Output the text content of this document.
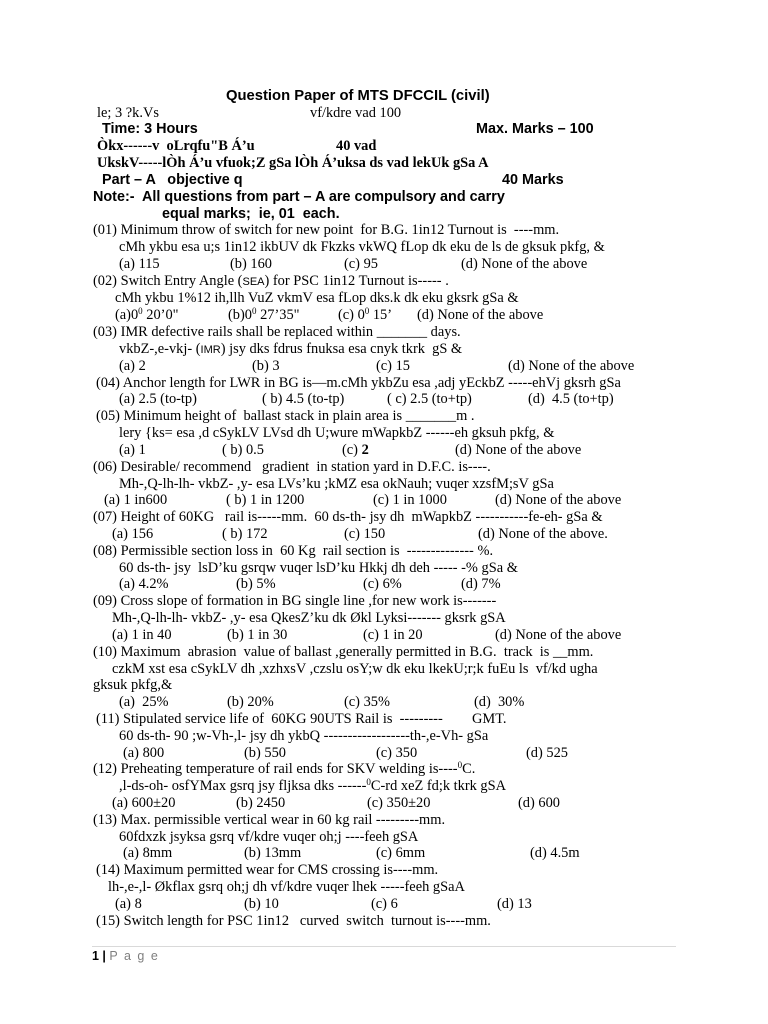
Question Paper of MTS DFCCIL (civil)
le; 3 ?k.Vs	vf/kdre vad 100
Time: 3 Hours	Max. Marks – 100
Òkx------v  oLrqfu"B Á’u	40 vad
UkskV-----lÒh Á’u vfuok;Z gSa lÒh Á’uksa ds vad lekUk gSa A
Part – A   objective q	40 Marks
Note:-  All questions from part – A are compulsory and carry
equal marks;  ie, 01  each.
(01) Minimum throw of switch for new point  for B.G. 1in12 Turnout is  ----mm.
cMh ykbu esa u;s 1in12 ikbUV dk Fkzks vkWQ fLop dk eku de ls de gksuk pkfg, &
(a) 115	(b) 160	(c) 95	(d) None of the above
(02) Switch Entry Angle (SEA) for PSC 1in12 Turnout is----- .
cMh ykbu 1%12 ih,llh VuZ vkmV esa fLop dks.k dk eku gksrk gSa &
$(a)0^0$ 20’0"	$(b)0^0$ 27’35"	(c) $0^0$ 15’ (d) None of the above
(03) IMR defective rails shall be replaced within _______ days.
vkbZ-,e-vkj- (IMR) jsy dks fdrus fnuksa esa cnyk tkrk  gS &
(a) 2	(b) 3	(c) 15	(d) None of the above
(04) Anchor length for LWR in BG is—m.cMh ykbZu esa ,adj yEckbZ -----ehVj gksrh gSa
(a) 2.5 (to-tp)	( b) 4.5 (to-tp)	( c) 2.5 (to+tp)	(d)  4.5 (to+tp)
(05) Minimum height of  ballast stack in plain area is _______m .
lery {ks= esa ,d cSykLV LVsd dh U;wure mWapkbZ ------eh gksuh pkfg, &
(a) 1	( b) 0.5	(c) 2	(d) None of the above
(06) Desirable/ recommend   gradient  in station yard in D.F.C. is----.
Mh-,Q-lh-lh- vkbZ- ,y- esa LVs’ku ;kMZ esa okNauh; vuqer xzsfM;sV gSa
(a) 1 in600	( b) 1 in 1200	(c) 1 in 1000	(d) None of the above
(07) Height of 60KG   rail is-----mm.  60 ds-th- jsy dh  mWapkbZ -----------fe-eh- gSa &
(a) 156	( b) 172	(c) 150	(d) None of the above.
(08) Permissible section loss in  60 Kg  rail section is  -------------- %.
60 ds-th- jsy  lsD’ku gsrqw vuqer lsD’ku Hkkj dh deh ----- -% gSa &
(a) 4.2%	(b) 5%	(c) 6%	(d) 7%
(09) Cross slope of formation in BG single line ,for new work is-------
Mh-,Q-lh-lh- vkbZ- ,y- esa QkesZ’ku dk Økl Lyksi------- gksrk gSA
(a) 1 in 40	(b) 1 in 30	(c) 1 in 20	(d) None of the above
(10) Maximum  abrasion  value of ballast ,generally permitted in B.G.  track  is __mm.
czkM xst esa cSykLV dh ,xzhxsV ,czslu osY;w dk eku lkekU;r;k fuEu ls  vf/kd ugha
gksuk pkfg,&
(a)  25%	(b) 20%	(c) 35%	(d)  30%
(11) Stipulated service life of  60KG 90UTS Rail is  --------- GMT.
60 ds-th- 90 ;w-Vh-,l- jsy dh ykbQ ------------------th-,e-Vh- gSa
(a) 800	(b) 550	(c) 350	(d) 525
(12) Preheating temperature of rail ends for SKV welding is----$^0$C.
,l-ds-oh- osfYMax gsrq jsy fljksa dks ------$^0$C-rd xeZ fd;k tkrk gSA
(a) 600±20	(b) 2450	(c) 350±20	(d) 600
(13) Max. permissible vertical wear in 60 kg rail ---------mm.
60fdxzk jsyksa gsrq vf/kdre vuqer oh;j ----feeh gSA
(a) 8mm	(b) 13mm	(c) 6mm	(d) 4.5m
(14) Maximum permitted wear for CMS crossing is----mm.
lh-,e-,l- Økflax gsrq oh;j dh vf/kdre vuqer lhek -----feeh gSaA
(a) 8	(b) 10	(c) 6	(d) 13
(15) Switch length for PSC 1in12   curved  switch  turnout is----mm.
1 | P a g e
